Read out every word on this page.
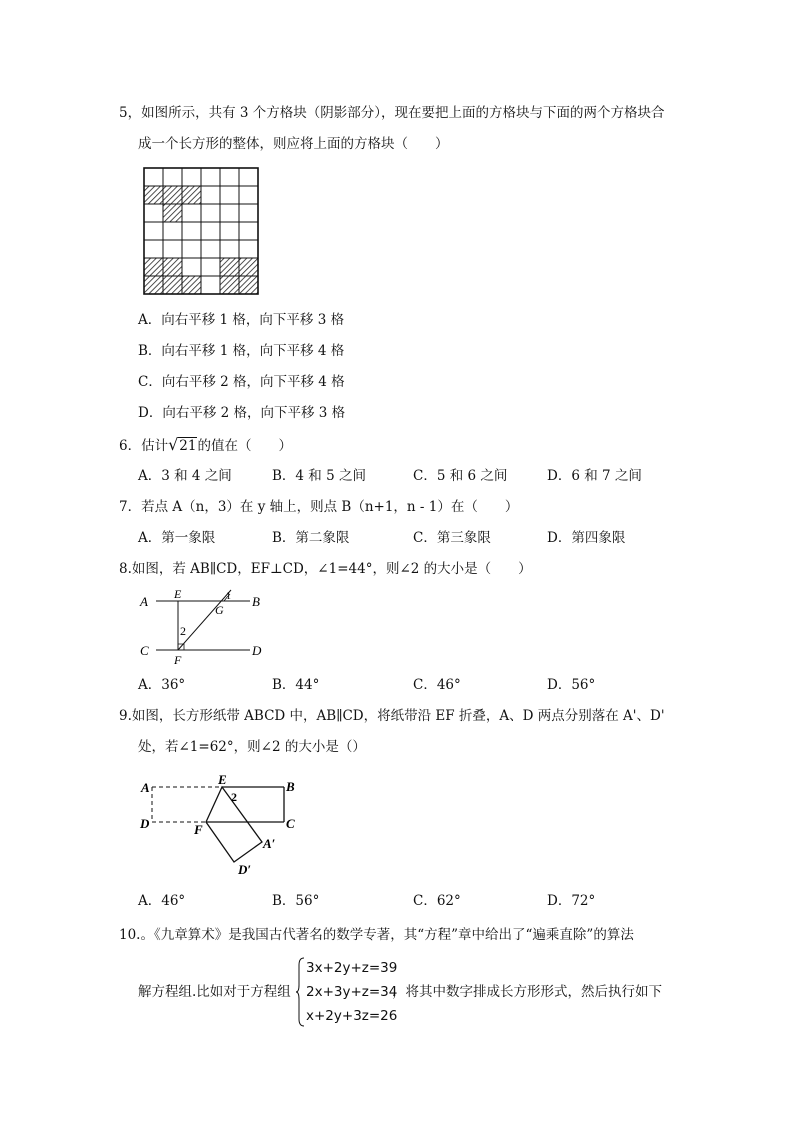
5，如图所示，共有 3 个方格块（阴影部分），现在要把上面的方格块与下面的两个方格块合
成一个长方形的整体，则应将上面的方格块（　　）
A．向右平移 1 格，向下平移 3 格
B．向右平移 1 格，向下平移 4 格
C．向右平移 2 格，向下平移 4 格
D．向右平移 2 格，向下平移 3 格
6．估计√21的值在（　　）
A．3 和 4 之间	B．4 和 5 之间	C．5 和 6 之间	D．6 和 7 之间
7．若点 A（n，3）在 y 轴上，则点 B（n+1，n - 1）在（　　）
A．第一象限	B．第二象限	C．第三象限	D．第四象限
8.如图，若 AB∥CD，EF⊥CD，∠1=44°，则∠2 的大小是（　　）
A	B
C	D
E
F
G
1
2
A．36°	B．44°	C．46°	D．56°
9.如图，长方形纸带 ABCD 中，AB∥CD，将纸带沿 EF 折叠，A、D 两点分别落在 A'、D'
处，若∠1=62°，则∠2 的大小是（）
A	B
C
D
E
F
A′
D′
2
A．46°	B．56°	C．62°	D．72°
10.。《九章算术》是我国古代著名的数学专著，其“方程”章中给出了“遍乘直除”的算法
解方程组.比如对于方程组
3x+2y+z=39
2x+3y+z=34
x+2y+3z=26
，将其中数字排成长方形形式，然后执行如下
